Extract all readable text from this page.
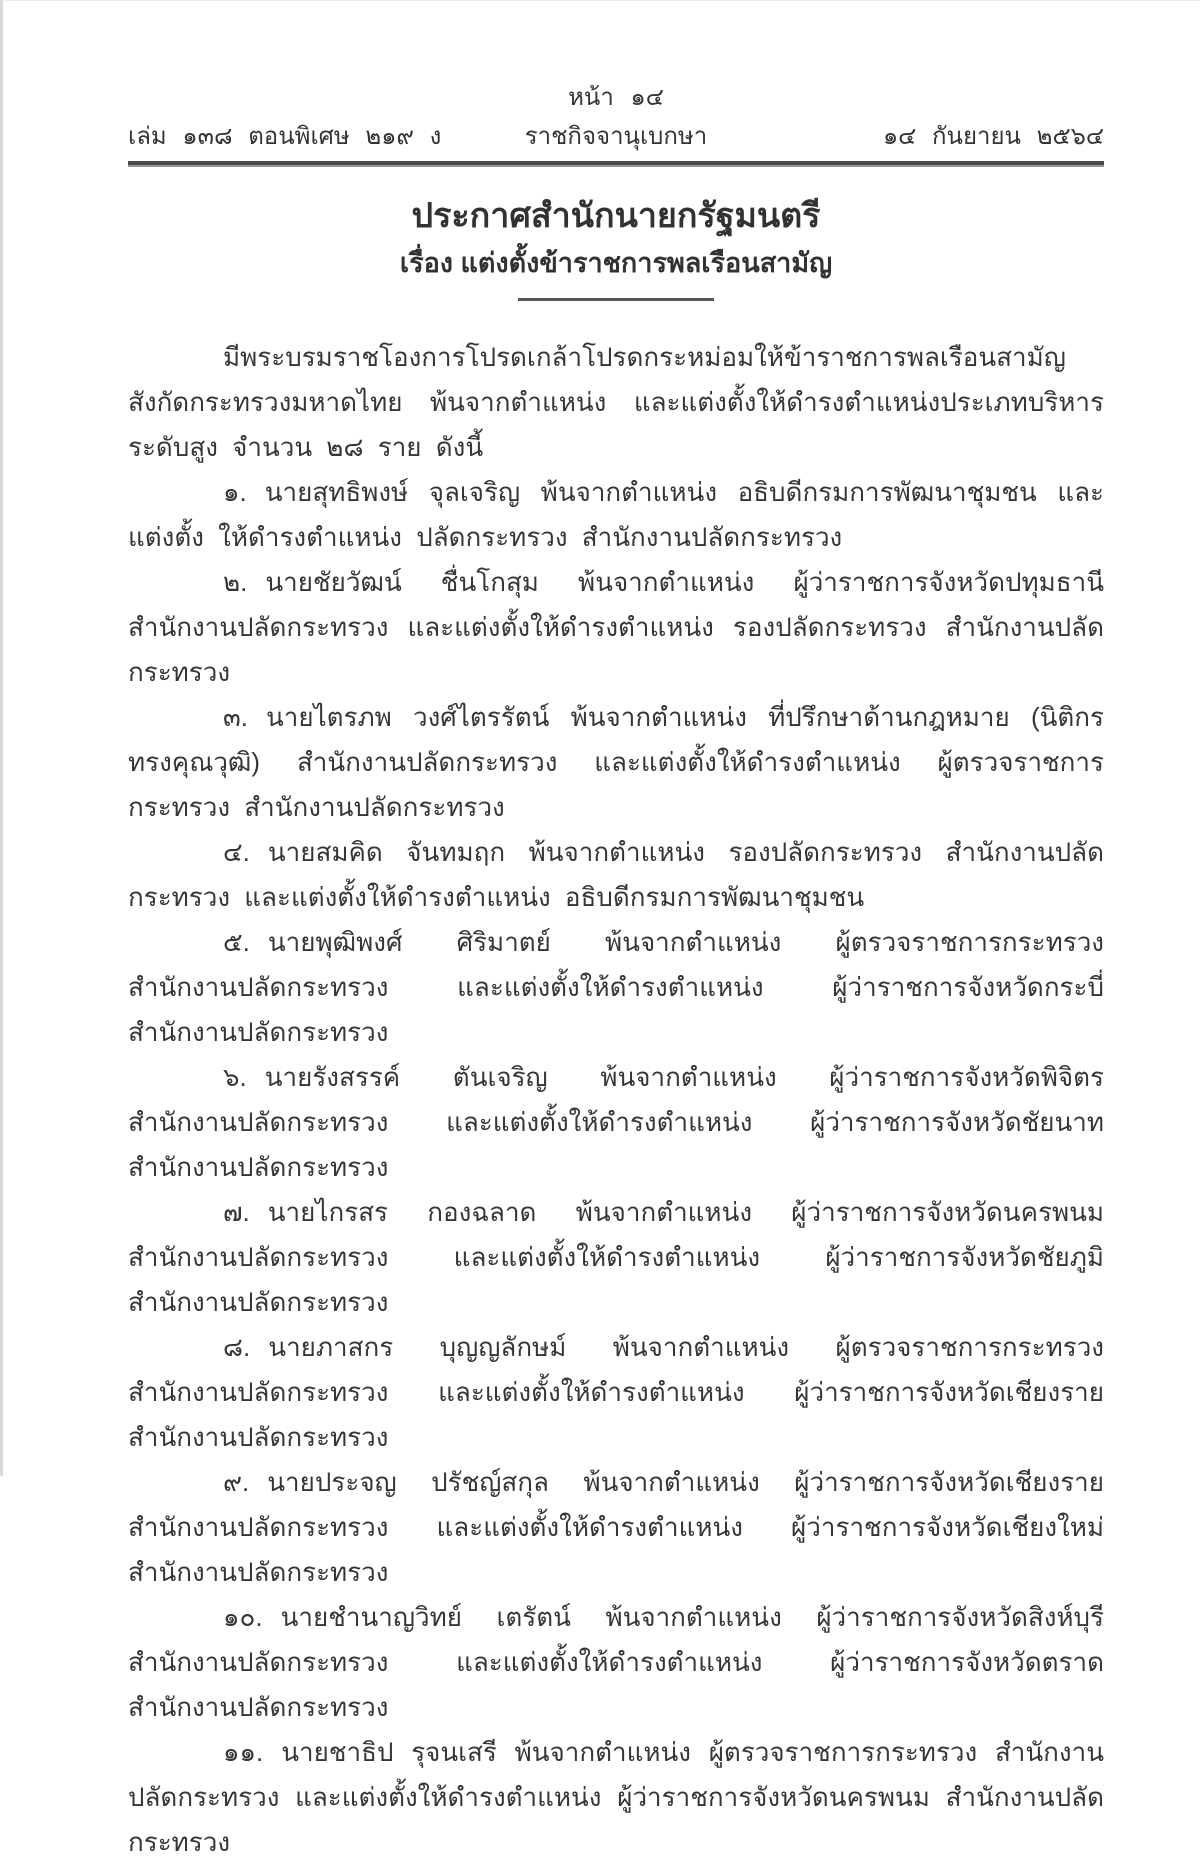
หน้า ๑๔
เล่ม ๑๓๘ ตอนพิเศษ ๒๑๙ ง	ราชกิจจานุเบกษา	๑๔ กันยายน ๒๕๖๔
ประกาศสำนักนายกรัฐมนตรี
เรื่อง แต่งตั้งข้าราชการพลเรือนสามัญ

มีพระบรมราชโองการโปรดเกล้าโปรดกระหม่อมให้ข้าราชการพลเรือนสามัญ สังกัดกระทรวงมหาดไทย พ้นจากตำแหน่ง และแต่งตั้งให้ดำรงตำแหน่งประเภทบริหารระดับสูง จำนวน ๒๘ ราย ดังนี้

๑. นายสุทธิพงษ์ จุลเจริญ พ้นจากตำแหน่ง อธิบดีกรมการพัฒนาชุมชน และแต่งตั้ง ให้ดำรงตำแหน่ง ปลัดกระทรวง สำนักงานปลัดกระทรวง

๒. นายชัยวัฒน์ ชื่นโกสุม พ้นจากตำแหน่ง ผู้ว่าราชการจังหวัดปทุมธานี สำนักงานปลัดกระทรวง และแต่งตั้งให้ดำรงตำแหน่ง รองปลัดกระทรวง สำนักงานปลัดกระทรวง

๓. นายไตรภพ วงศ์ไตรรัตน์ พ้นจากตำแหน่ง ที่ปรึกษาด้านกฎหมาย (นิติกรทรงคุณวุฒิ) สำนักงานปลัดกระทรวง และแต่งตั้งให้ดำรงตำแหน่ง ผู้ตรวจราชการกระทรวง สำนักงานปลัดกระทรวง

๔. นายสมคิด จันทมฤก พ้นจากตำแหน่ง รองปลัดกระทรวง สำนักงานปลัดกระทรวง และแต่งตั้งให้ดำรงตำแหน่ง อธิบดีกรมการพัฒนาชุมชน

๕. นายพุฒิพงศ์ ศิริมาตย์ พ้นจากตำแหน่ง ผู้ตรวจราชการกระทรวง สำนักงานปลัดกระทรวง และแต่งตั้งให้ดำรงตำแหน่ง ผู้ว่าราชการจังหวัดกระบี่ สำนักงานปลัดกระทรวง

๖. นายรังสรรค์ ตันเจริญ พ้นจากตำแหน่ง ผู้ว่าราชการจังหวัดพิจิตร สำนักงานปลัดกระทรวง และแต่งตั้งให้ดำรงตำแหน่ง ผู้ว่าราชการจังหวัดชัยนาท สำนักงานปลัดกระทรวง

๗. นายไกรสร กองฉลาด พ้นจากตำแหน่ง ผู้ว่าราชการจังหวัดนครพนม สำนักงานปลัดกระทรวง และแต่งตั้งให้ดำรงตำแหน่ง ผู้ว่าราชการจังหวัดชัยภูมิ สำนักงานปลัดกระทรวง

๘. นายภาสกร บุญญลักษม์ พ้นจากตำแหน่ง ผู้ตรวจราชการกระทรวง สำนักงานปลัดกระทรวง และแต่งตั้งให้ดำรงตำแหน่ง ผู้ว่าราชการจังหวัดเชียงราย สำนักงานปลัดกระทรวง

๙. นายประจญ ปรัชญ์สกุล พ้นจากตำแหน่ง ผู้ว่าราชการจังหวัดเชียงราย สำนักงานปลัดกระทรวง และแต่งตั้งให้ดำรงตำแหน่ง ผู้ว่าราชการจังหวัดเชียงใหม่ สำนักงานปลัดกระทรวง

๑๐. นายชำนาญวิทย์ เตรัตน์ พ้นจากตำแหน่ง ผู้ว่าราชการจังหวัดสิงห์บุรี สำนักงานปลัดกระทรวง และแต่งตั้งให้ดำรงตำแหน่ง ผู้ว่าราชการจังหวัดตราด สำนักงานปลัดกระทรวง

๑๑. นายชาธิป รุจนเสรี พ้นจากตำแหน่ง ผู้ตรวจราชการกระทรวง สำนักงานปลัดกระทรวง และแต่งตั้งให้ดำรงตำแหน่ง ผู้ว่าราชการจังหวัดนครพนม สำนักงานปลัดกระทรวง
